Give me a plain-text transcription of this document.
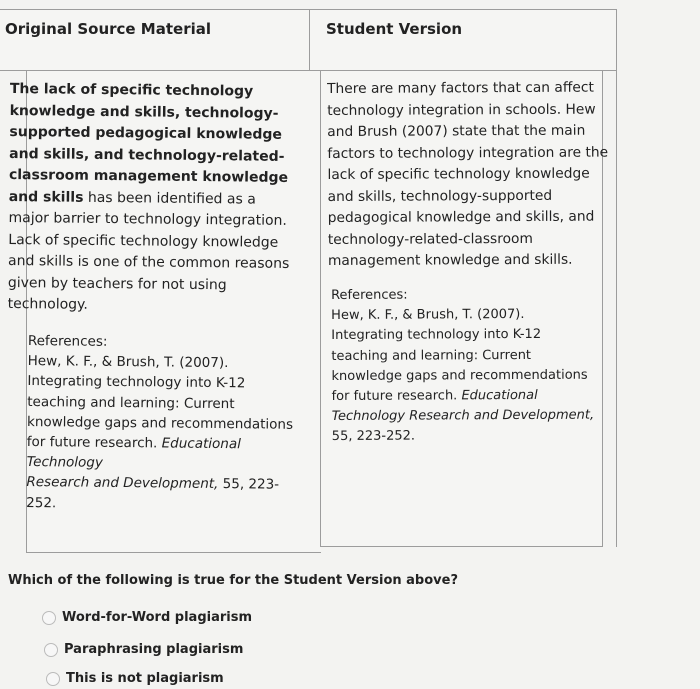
Original Source Material	Student Version
The lack of specific technology
knowledge and skills, technology-
supported pedagogical knowledge
and skills, and technology-related-
classroom management knowledge
and skills has been identified as a
major barrier to technology integration.
Lack of specific technology knowledge
and skills is one of the common reasons
given by teachers for not using
technology.
References:
Hew, K. F., & Brush, T. (2007).
Integrating technology into K-12
teaching and learning: Current
knowledge gaps and recommendations
for future research. Educational
Technology
Research and Development, 55, 223-
252.
There are many factors that can affect
technology integration in schools. Hew
and Brush (2007) state that the main
factors to technology integration are the
lack of specific technology knowledge
and skills, technology-supported
pedagogical knowledge and skills, and
technology-related-classroom
management knowledge and skills.
References:
Hew, K. F., & Brush, T. (2007).
Integrating technology into K-12
teaching and learning: Current
knowledge gaps and recommendations
for future research. Educational
Technology Research and Development,
55, 223-252.
Which of the following is true for the Student Version above?
Word-for-Word plagiarism
Paraphrasing plagiarism
This is not plagiarism
